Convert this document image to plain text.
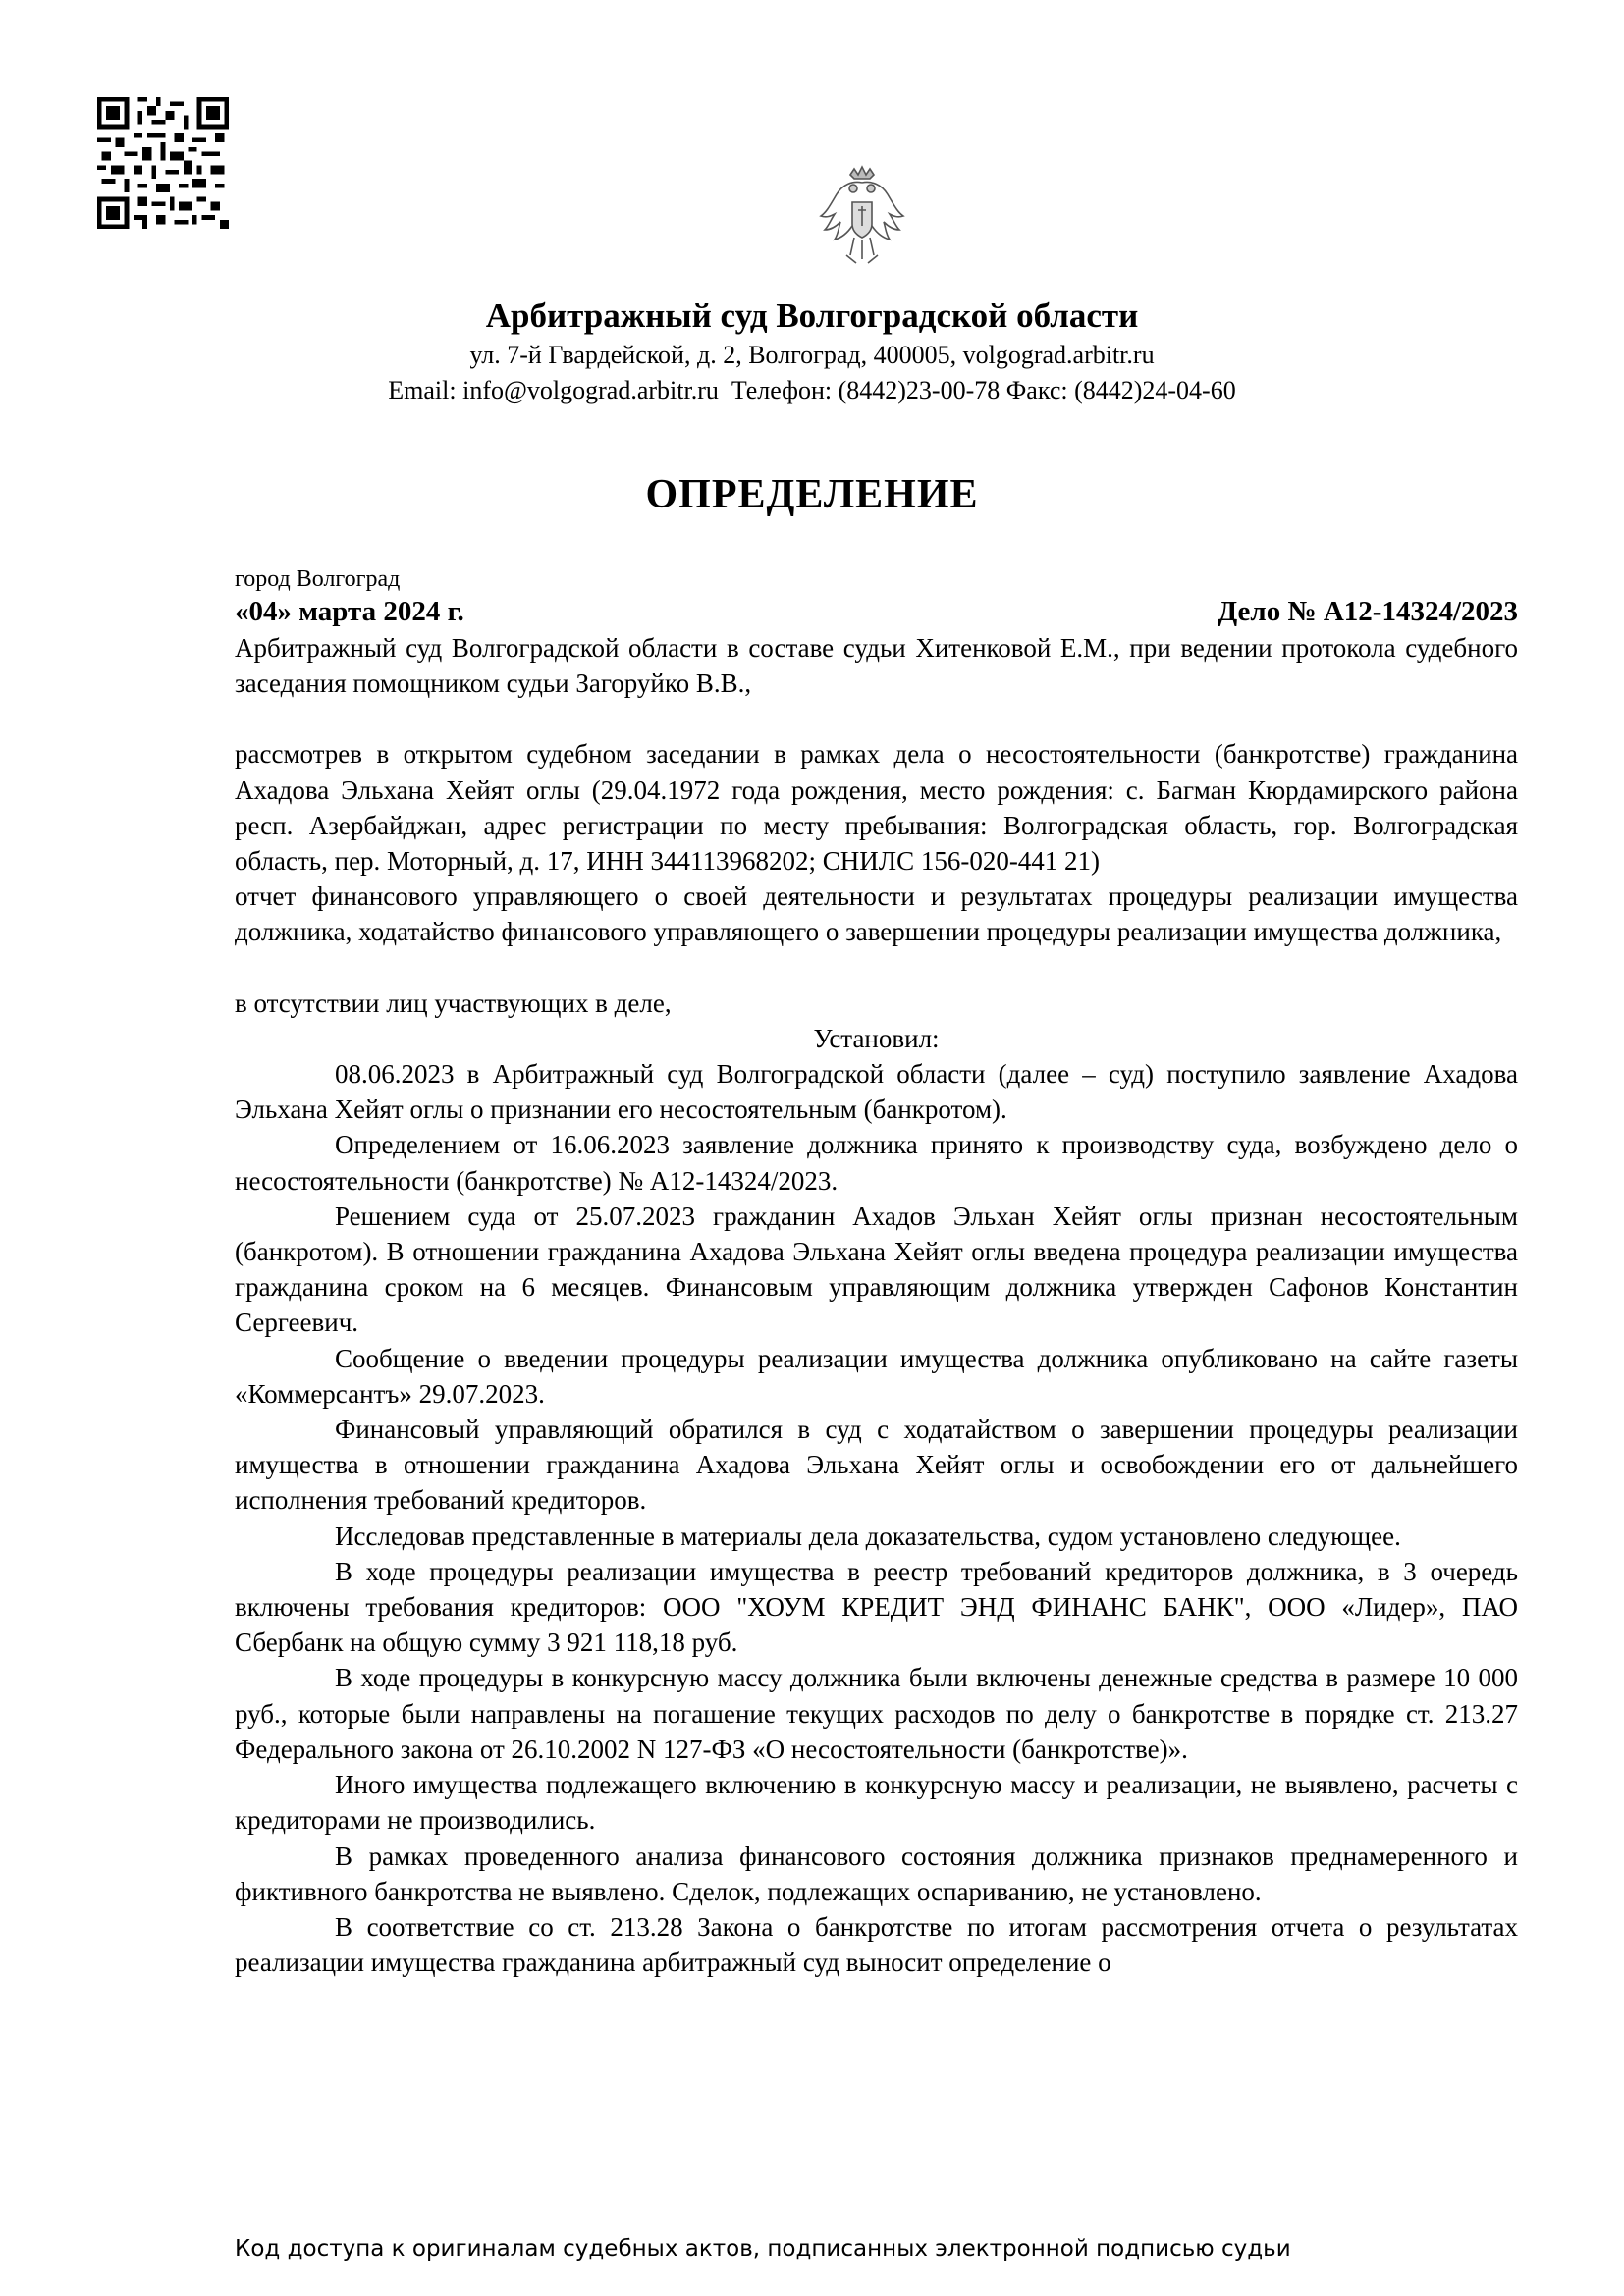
Арбитражный суд Волгоградской области
ул. 7-й Гвардейской, д. 2, Волгоград, 400005, volgograd.arbitr.ru
Email: info@volgograd.arbitr.ru  Телефон: (8442)23-00-78 Факс: (8442)24-04-60
ОПРЕДЕЛЕНИЕ
город Волгоград
«04» марта 2024 г.	Дело № А12-14324/2023

Арбитражный суд Волгоградской области в составе судьи Хитенковой Е.М., при ведении протокола судебного заседания помощником судьи Загоруйко В.В.,

рассмотрев в открытом судебном заседании в рамках дела о несостоятельности (банкротстве) гражданина Ахадова Эльхана Хейят оглы (29.04.1972 года рождения, место рождения: с. Багман Кюрдамирского района респ. Азербайджан, адрес регистрации по месту пребывания: Волгоградская область, гор. Волгоградская область, пер. Моторный, д. 17, ИНН 344113968202; СНИЛС 156-020-441 21)

отчет финансового управляющего о своей деятельности и результатах процедуры реализации имущества должника, ходатайство финансового управляющего о завершении процедуры реализации имущества должника,

в отсутствии лиц участвующих в деле,

Установил:

08.06.2023 в Арбитражный суд Волгоградской области (далее – суд) поступило заявление Ахадова Эльхана Хейят оглы о признании его несостоятельным (банкротом).

Определением от 16.06.2023 заявление должника принято к производству суда, возбуждено дело о несостоятельности (банкротстве) № А12-14324/2023.

Решением суда от 25.07.2023 гражданин Ахадов Эльхан Хейят оглы признан несостоятельным (банкротом). В отношении гражданина Ахадова Эльхана Хейят оглы введена процедура реализации имущества гражданина сроком на 6 месяцев. Финансовым управляющим должника утвержден Сафонов Константин Сергеевич.

Сообщение о введении процедуры реализации имущества должника опубликовано на сайте газеты «Коммерсантъ» 29.07.2023.

Финансовый управляющий обратился в суд с ходатайством о завершении процедуры реализации имущества в отношении гражданина Ахадова Эльхана Хейят оглы и освобождении его от дальнейшего исполнения требований кредиторов.

Исследовав представленные в материалы дела доказательства, судом установлено следующее.

В ходе процедуры реализации имущества в реестр требований кредиторов должника, в 3 очередь включены требования кредиторов: ООО "ХОУМ КРЕДИТ ЭНД ФИНАНС БАНК", ООО «Лидер», ПАО Сбербанк на общую сумму 3 921 118,18 руб.

В ходе процедуры в конкурсную массу должника были включены денежные средства в размере 10 000 руб., которые были направлены на погашение текущих расходов по делу о банкротстве в порядке ст. 213.27 Федерального закона от 26.10.2002 N 127-ФЗ «О несостоятельности (банкротстве)».

Иного имущества подлежащего включению в конкурсную массу и реализации, не выявлено, расчеты с кредиторами не производились.

В рамках проведенного анализа финансового состояния должника признаков преднамеренного и фиктивного банкротства не выявлено. Сделок, подлежащих оспариванию, не установлено.

В соответствие со ст. 213.28 Закона о банкротстве по итогам рассмотрения отчета о результатах реализации имущества гражданина арбитражный суд выносит определение о

Код доступа к оригиналам судебных актов, подписанных электронной подписью судьи
